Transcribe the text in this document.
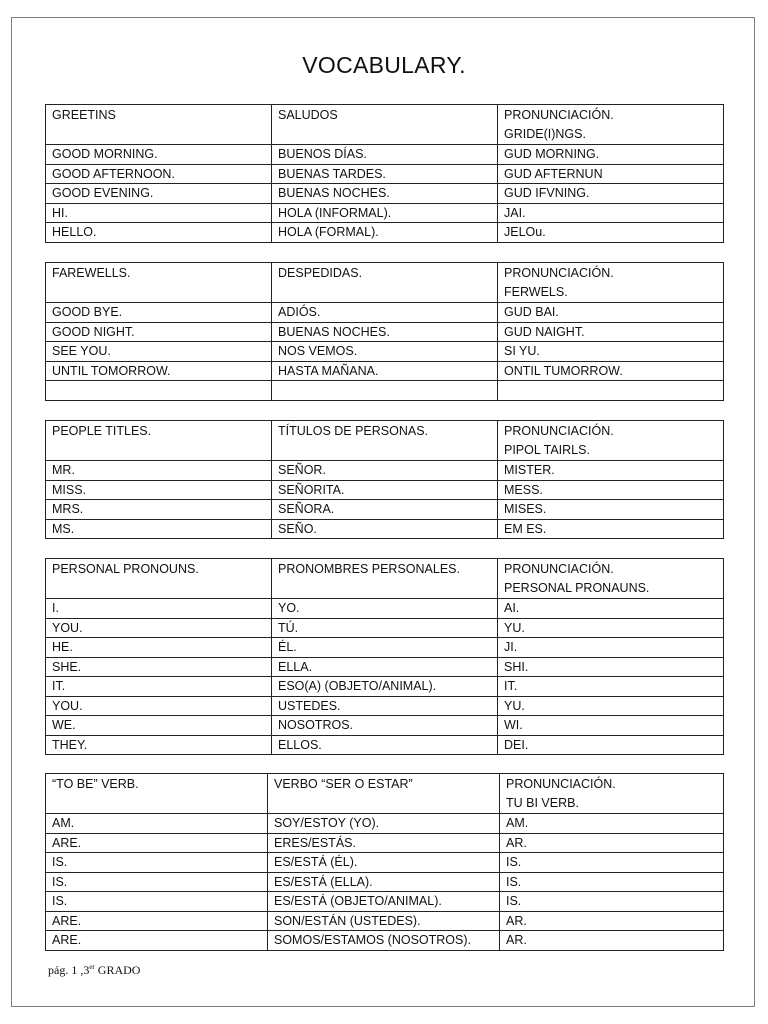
VOCABULARY.
GREETINS	SALUDOS	PRONUNCIACIÓN.
GRIDE(I)NGS.

GOOD MORNING.	BUENOS DÍAS.	GUD MORNING.
GOOD AFTERNOON.	BUENAS TARDES.	GUD AFTERNUN
GOOD EVENING.	BUENAS NOCHES.	GUD IFVNING.
HI.	HOLA (INFORMAL).	JAI.
HELLO.	HOLA (FORMAL).	JELOu.
FAREWELLS.	DESPEDIDAS.	PRONUNCIACIÓN.
FERWELS.

GOOD BYE.	ADIÓS.	GUD BAI.
GOOD NIGHT.	BUENAS NOCHES.	GUD NAIGHT.
SEE YOU.	NOS VEMOS.	SI YU.
UNTIL TOMORROW.	HASTA MAÑANA.	ONTIL TUMORROW.

PEOPLE TITLES.	TÍTULOS DE PERSONAS.	PRONUNCIACIÓN.
PIPOL TAIRLS.

MR.	SEÑOR.	MISTER.
MISS.	SEÑORITA.	MESS.
MRS.	SEÑORA.	MISES.
MS.	SEÑO.	EM ES.
PERSONAL PRONOUNS.	PRONOMBRES PERSONALES.	PRONUNCIACIÓN.
PERSONAL PRONAUNS.

I.	YO.	AI.
YOU.	TÚ.	YU.
HE.	ÉL.	JI.
SHE.	ELLA.	SHI.
IT.	ESO(A) (OBJETO/ANIMAL).	IT.
YOU.	USTEDES.	YU.
WE.	NOSOTROS.	WI.
THEY.	ELLOS.	DEI.
“TO BE” VERB.	VERBO “SER O ESTAR”	PRONUNCIACIÓN.
TU BI VERB.

AM.	SOY/ESTOY (YO).	AM.
ARE.	ERES/ESTÁS.	AR.
IS.	ES/ESTÁ (ÉL).	IS.
IS.	ES/ESTÁ (ELLA).	IS.
IS.	ES/ESTÁ (OBJETO/ANIMAL).	IS.
ARE.	SON/ESTÁN (USTEDES).	AR.
ARE.	SOMOS/ESTAMOS (NOSOTROS).	AR.
pág. 1 ,3er GRADO
